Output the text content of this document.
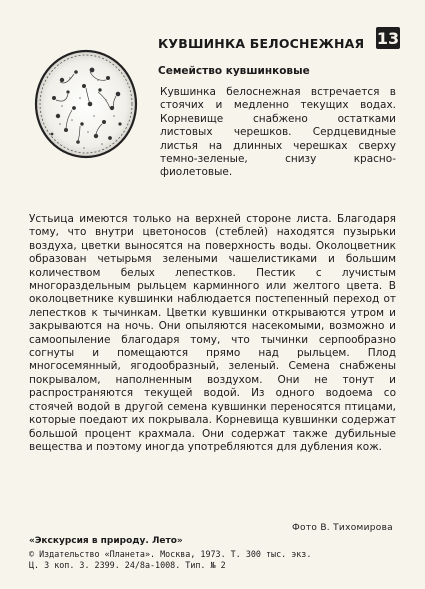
13
КУВШИНКА БЕЛОСНЕЖНАЯ
Семейство кувшинковые

Кувшинка белоснежная встречается в стоячих и медленно текущих водах. Корневище снабжено остатками листовых черешков. Сердцевидные листья на длинных черешках сверху темно-зеленые, снизу красно-фиолетовые.

Устьица имеются только на верхней стороне листа. Благодаря тому, что внутри цветоносов (стеблей) находятся пузырьки воздуха, цветки выносятся на поверхность воды. Околоцветник образован четырьмя зелеными чашелистиками и большим количеством белых лепестков. Пестик с лучистым многораздельным рыльцем карминного или желтого цвета. В околоцветнике кувшинки наблюдается постепенный переход от лепестков к тычинкам. Цветки кувшинки открываются утром и закрываются на ночь. Они опыляются насекомыми, возможно и самоопыление благодаря тому, что тычинки серпообразно согнуты и помещаются прямо над рыльцем. Плод многосемянный, ягодообразный, зеленый. Семена снабжены покрывалом, наполненным воздухом. Они не тонут и распространяются текущей водой. Из одного водоема со стоячей водой в другой семена кувшинки переносятся птицами, которые поедают их покрывала. Корневища кувшинки содержат большой процент крахмала. Они содержат также дубильные вещества и поэтому иногда употребляются для дубления кож.

Фото В. Тихомирова
«Экскурсия в природу. Лето»
© Издательство «Планета». Москва, 1973. Т. 300 тыс. экз.
Ц. 3 коп. З. 2399. 24/8а-1008. Тип. № 2
